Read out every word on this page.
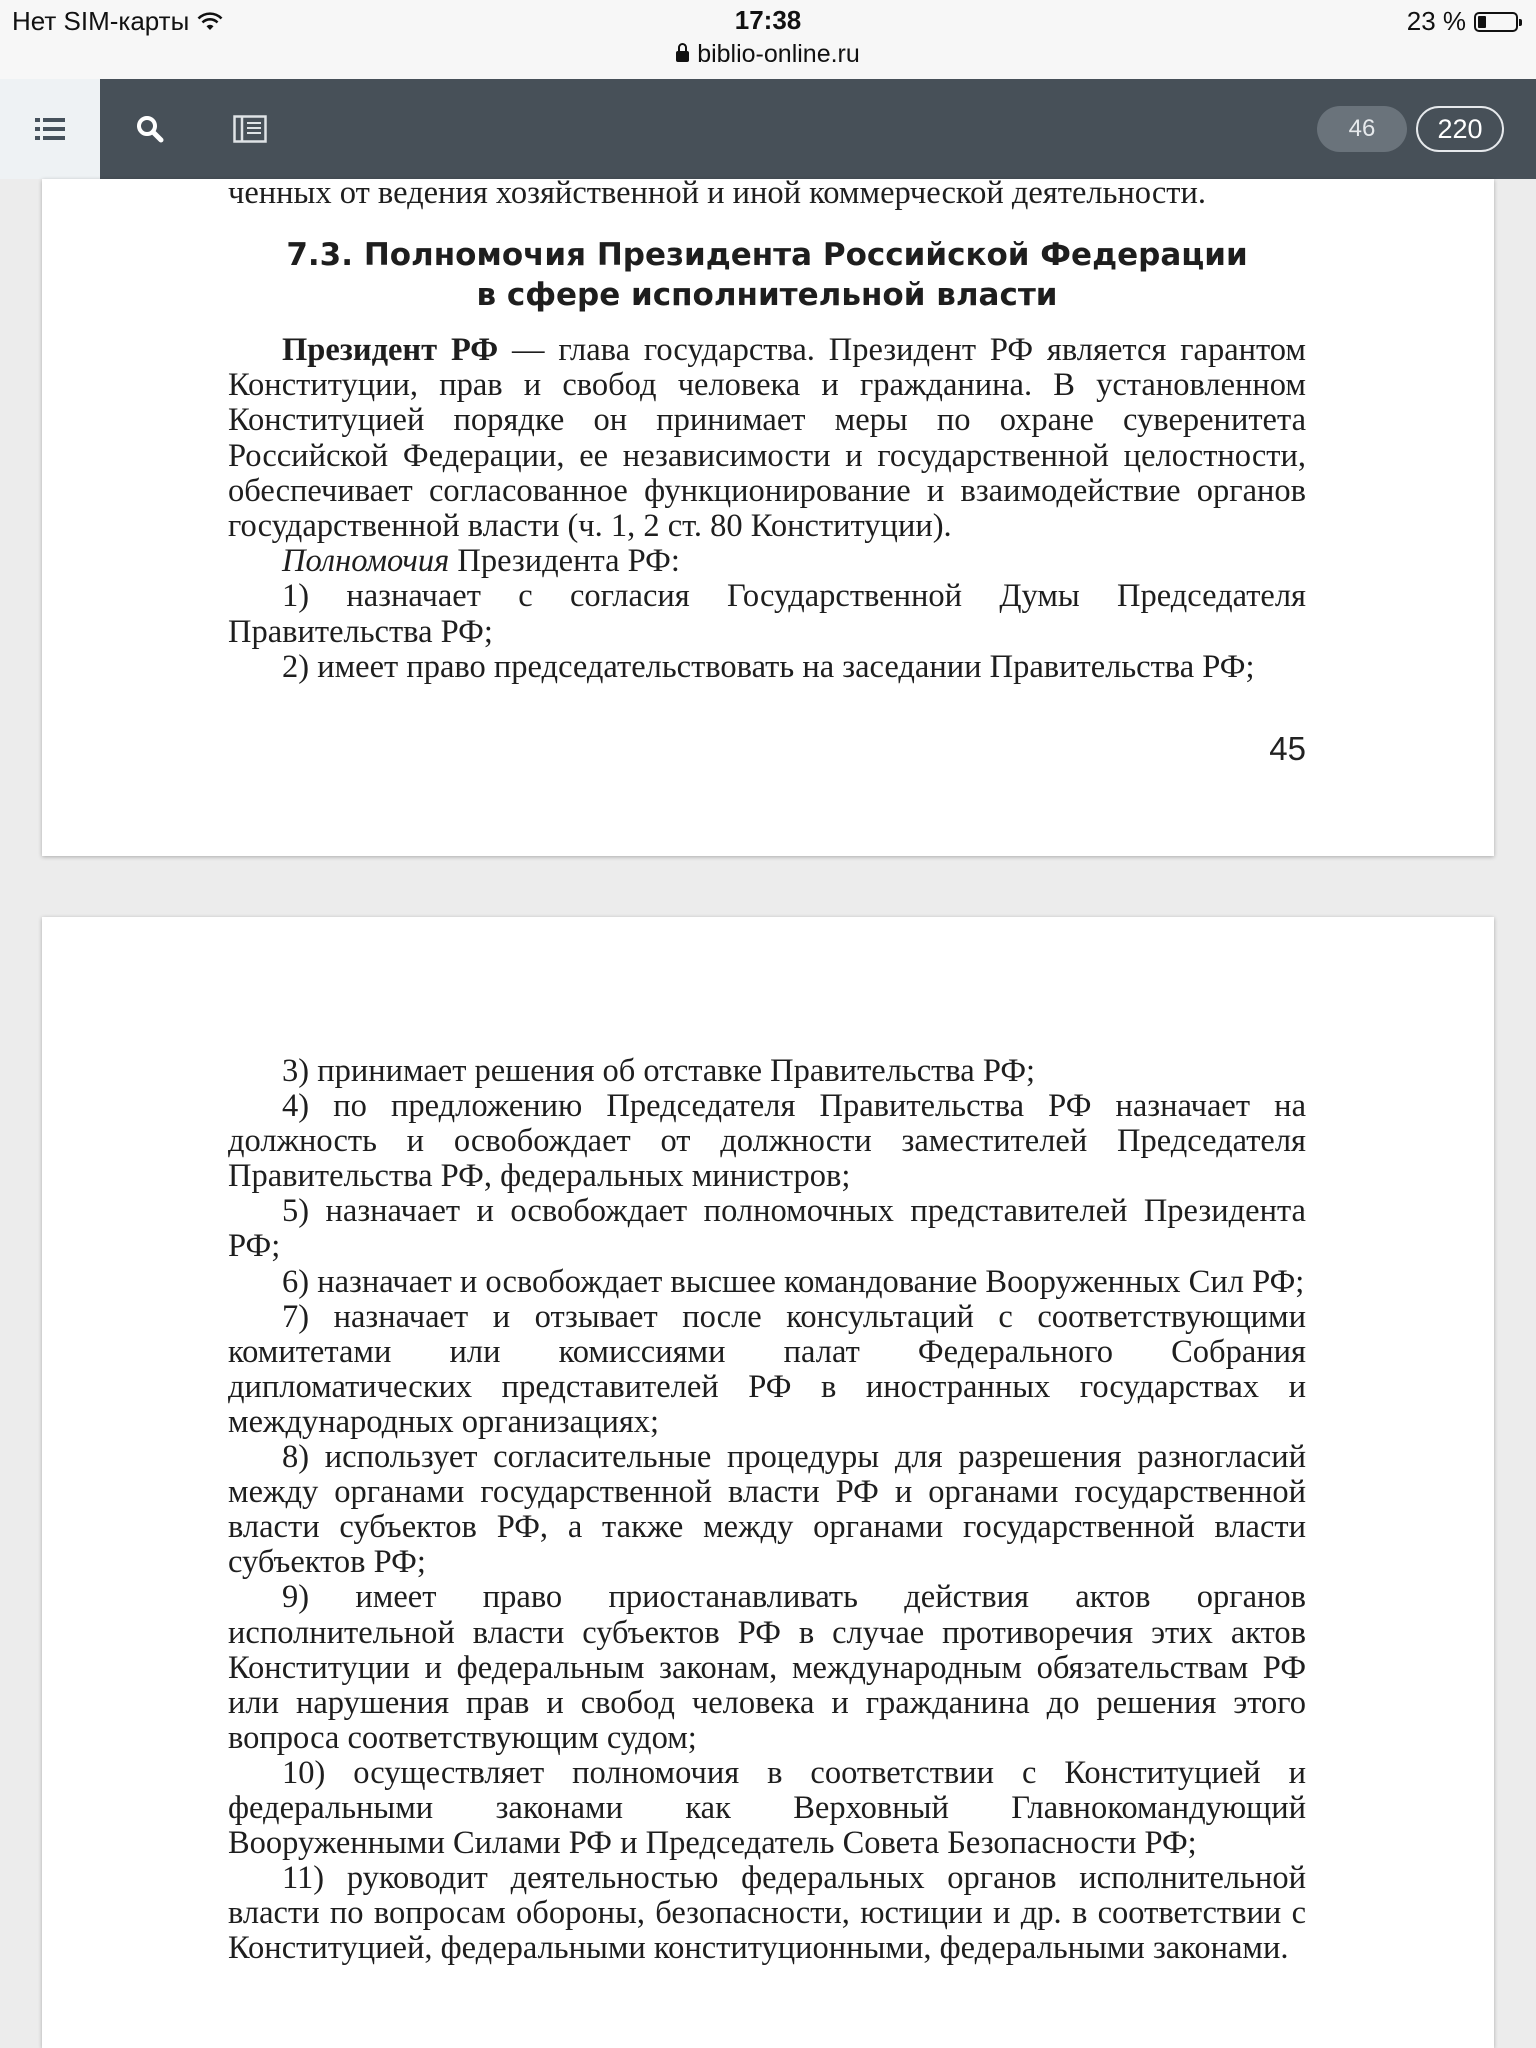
Нет SIM-карты	17:38
biblio-online.ru
23 %
46	220

ченных от ведения хозяйственной и иной коммерческой деятельности.

7.3. Полномочия Президента Российской Федерации
в сфере исполнительной власти

Президент РФ — глава государства. Президент РФ является гарантом Конституции, прав и свобод человека и гражданина. В установленном Конституцией порядке он принимает меры по охране суверенитета Российской Федерации, ее независимости и государственной целостности, обеспечивает согласованное функционирование и взаимодействие органов государственной власти (ч. 1, 2 ст. 80 Конституции).

Полномочия Президента РФ:

1) назначает с согласия Государственной Думы Председателя Правительства РФ;

2) имеет право председательствовать на заседании Правительства РФ;

45

3) принимает решения об отставке Правительства РФ;

4) по предложению Председателя Правительства РФ назначает на должность и освобождает от должности заместителей Председателя Правительства РФ, федеральных министров;

5) назначает и освобождает полномочных представителей Президента РФ;

6) назначает и освобождает высшее командование Вооруженных Сил РФ;

7) назначает и отзывает после консультаций с соответствующими комитетами или комиссиями палат Федерального Собрания дипломатических представителей РФ в иностранных государствах и международных организациях;

8) использует согласительные процедуры для разрешения разногласий между органами государственной власти РФ и органами государственной власти субъектов РФ, а также между органами государственной власти субъектов РФ;

9) имеет право приостанавливать действия актов органов исполнительной власти субъектов РФ в случае противоречия этих актов Конституции и федеральным законам, международным обязательствам РФ или нарушения прав и свобод человека и гражданина до решения этого вопроса соответствующим судом;

10) осуществляет полномочия в соответствии с Конституцией и федеральными законами как Верховный Главнокомандующий Вооруженными Силами РФ и Председатель Совета Безопасности РФ;

11) руководит деятельностью федеральных органов исполнительной власти по вопросам обороны, безопасности, юстиции и др. в соответствии с Конституцией, федеральными конституционными, федеральными законами.
